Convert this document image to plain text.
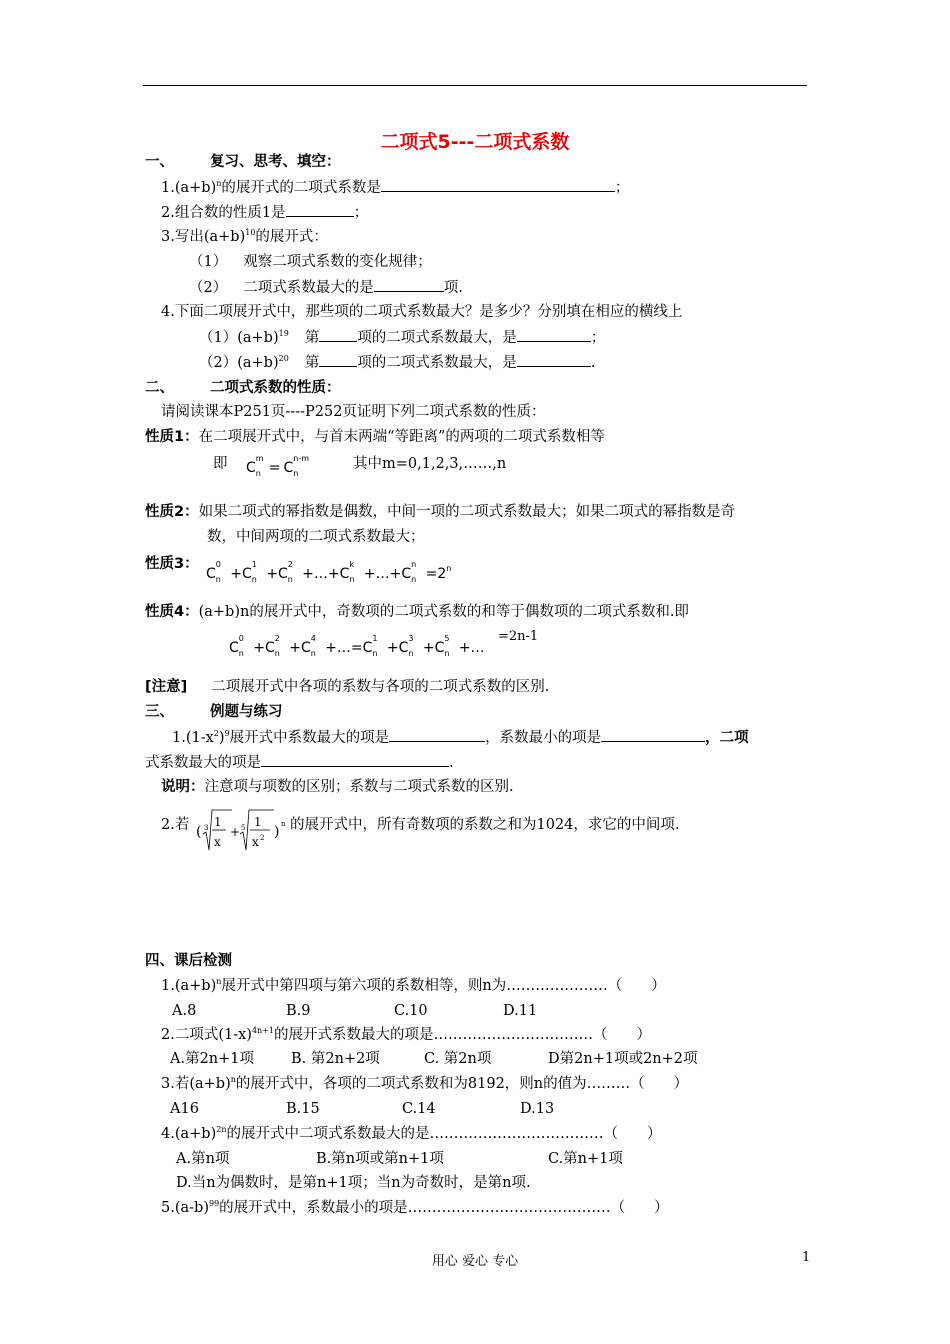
二项式5---二项式系数
一、 复习、思考、填空：
$1.(a+b)^n$的展开式的二项式系数是	；
2.组合数的性质1是	；
3.写出$(a+b)^{10}$的展开式：
（1） 观察二项式系数的变化规律；
（2） 二项式系数最大的是	项.
4.下面二项展开式中，那些项的二项式系数最大？是多少？分别填在相应的横线上
$(1)(a+b)^{19}$ 第	项的二项式系数最大，是	；
$(2)(a+b)^{20}$ 第	项的二项式系数最大，是	.
二、 二项式系数的性质：
请阅读课本P251页----P252页证明下列二项式系数的性质：
性质1：在二项展开式中，与首末两端“等距离”的两项的二项式系数相等
即 C
m
n = C
n-m
n
其中m=0,1,2,3,……,n
性质2：如果二项式的幂指数是偶数，中间一项的二项式系数最大；如果二项式的幂指数是奇
数，中间两项的二项式系数最大；
性质3：
C
0
n +C
1
n +C
2
n +…+C
k
n +…+C
n
$n =2^n$
性质4：(a+b)n的展开式中，奇数项的二项式系数的和等于偶数项的二项式系数和.即
C
0
n +C
2
n +C
4
n +…=C
1
n +C
3
n +C
5
n +…
=2n-1
[注意] 二项展开式中各项的系数与各项的二项式系数的区别.
三、 例题与练习
$1.(1-x^2)^9$展开式中系数最大的项是	，系数最小的项是	，二项
式系数最大的项是	.
说明：注意项与项数的区别；系数与二项式系数的区别.
2.若 ( 3 1
x
+ 5 1
x 2 ) n 的展开式中，所有奇数项的系数之和为1024，求它的中间项.
四、课后检测
$1.(a+b)^n$展开式中第四项与第六项的系数相等，则n为…………………（　　）
A.8	B.9	C.10	D.11
2.二项式$(1-x)^{4n+1}$的展开式系数最大的项是……………………………（　　）
A.第2n+1项	B. 第2n+2项	C. 第2n项	D第2n+1项或2n+2项
3.若$(a+b)^n$的展开式中，各项的二项式系数和为8192，则n的值为………（　　）
A16	B.15	C.14	D.13
$4.(a+b)^{2n}$的展开式中二项式系数最大的是………………………………（　　）
A.第n项	B.第n项或第n+1项	C.第n+1项
D.当n为偶数时，是第n+1项；当n为奇数时，是第n项.
$5.(a-b)^{99}$的展开式中，系数最小的项是……………………………………（　　）
用心 爱心 专心	1
